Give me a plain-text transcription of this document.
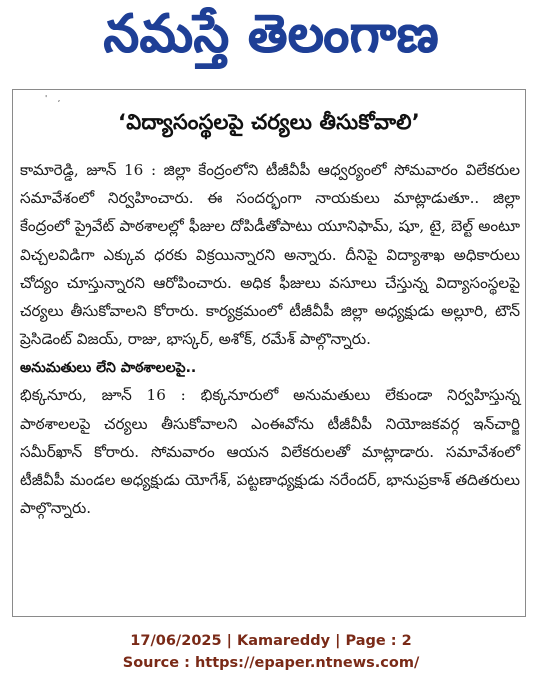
నమస్తే తెలంగాణ
' ,
‘విద్యాసంస్థలపై చర్యలు తీసుకోవాలి’

కామారెడ్డి, జూన్ 16 : జిల్లా కేంద్రంలోని టీజీవీపీ ఆధ్వర్యంలో సోమవారం విలేకరుల సమావేశంలో నిర్వహించారు. ఈ సందర్భంగా నాయకులు మాట్లాడుతూ.. జిల్లా కేంద్రంలో ప్రైవేట్ పాఠశాలల్లో ఫీజుల దోపిడీతోపాటు యూనిఫామ్, షూ, టై, బెల్ట్ అంటూ విచ్చలవిడిగా ఎక్కువ ధరకు విక్రయిన్నారని అన్నారు. దీనిపై విద్యాశాఖ అధికారులు చోద్యం చూస్తున్నారని ఆరోపించారు. అధిక ఫీజులు వసూలు చేస్తున్న విద్యాసంస్థలపై చర్యలు తీసుకోవాలని కోరారు. కార్యక్రమంలో టీజీవీపీ జిల్లా అధ్యక్షుడు అల్లూరి, టౌన్ ప్రెసిడెంట్ విజయ్, రాజు, భాస్కర్, అశోక్, రమేశ్ పాల్గొన్నారు.

అనుమతులు లేని పాఠశాలలపై..

భిక్కనూరు, జూన్ 16 : భిక్కనూరులో అనుమతులు లేకుండా నిర్వహిస్తున్న పాఠశాలలపై చర్యలు తీసుకోవాలని ఎంఈవోను టీజీవీపీ నియోజకవర్గ ఇన్‌చార్జి సమీర్‌ఖాన్ కోరారు. సోమవారం ఆయన విలేకరులతో మాట్లాడారు. సమావేశంలో టీజీవీపీ మండల అధ్యక్షుడు యోగేశ్, పట్టణాధ్యక్షుడు నరేందర్, భానుప్రకాశ్ తదితరులు పాల్గొన్నారు.

17/06/2025 | Kamareddy | Page : 2
Source : https://epaper.ntnews.com/
